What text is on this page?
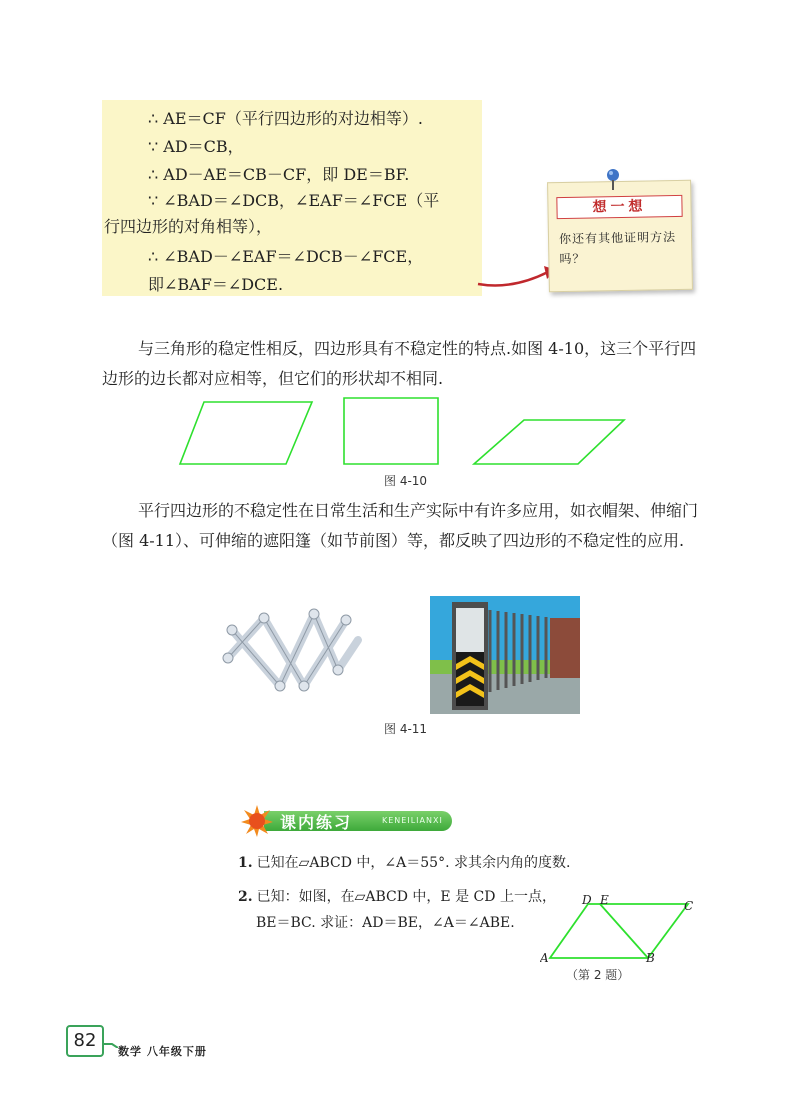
∴ AE＝CF（平行四边形的对边相等）.
∵ AD＝CB，
∴ AD－AE＝CB－CF，即 DE＝BF.
∵ ∠BAD＝∠DCB，∠EAF＝∠FCE（平
行四边形的对角相等），
∴ ∠BAD－∠EAF＝∠DCB－∠FCE，
即∠BAF＝∠DCE.
想一想
你还有其他证明方法吗？
与三角形的稳定性相反，四边形具有不稳定性的特点.如图 4-10，这三个平行四边形的边长都对应相等，但它们的形状却不相同.
图 4-10
平行四边形的不稳定性在日常生活和生产实际中有许多应用，如衣帽架、伸缩门（图 4-11）、可伸缩的遮阳篷（如节前图）等，都反映了四边形的不稳定性的应用.
图 4-11
课内练习	KENEILIANXI
1. 已知在▱ABCD 中，∠A＝55°. 求其余内角的度数.
2. 已知：如图，在▱ABCD 中，E 是 CD 上一点，
BE＝BC. 求证：AD＝BE，∠A＝∠ABE.
A	B
C
D E
（第 2 题）
82
数学 八年级下册
